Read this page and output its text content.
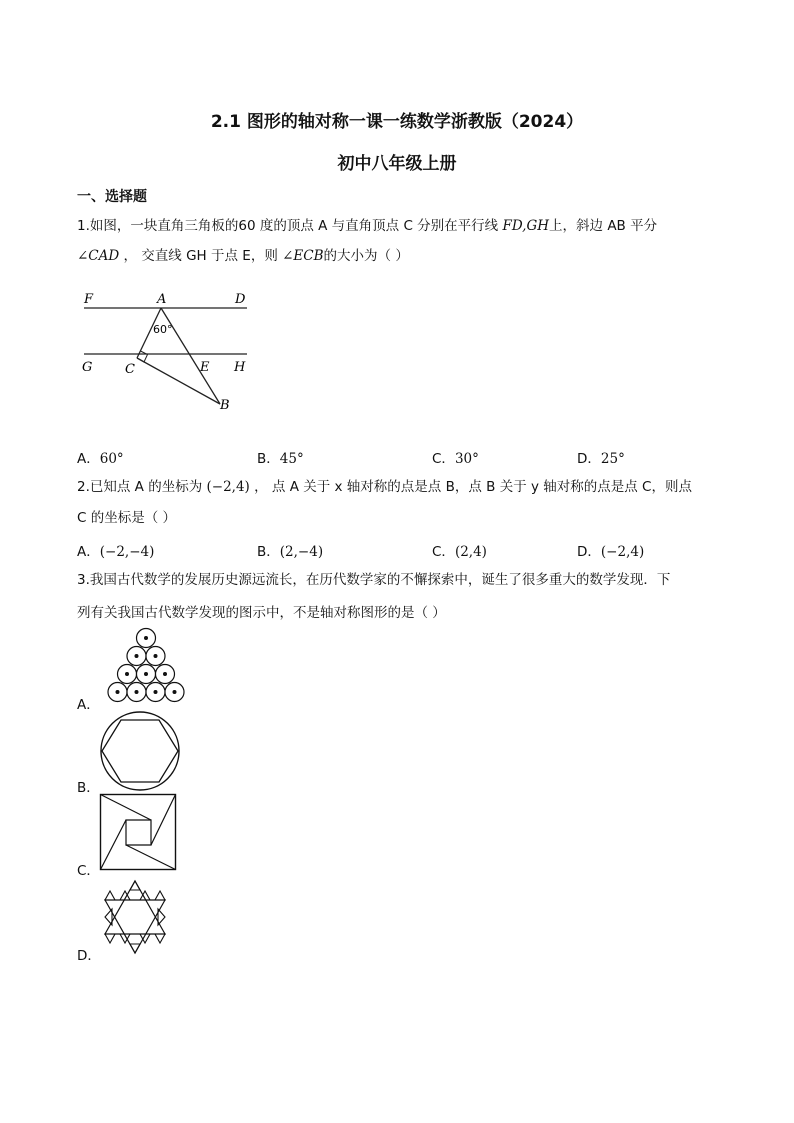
2.1 图形的轴对称一课一练数学浙教版（2024）
初中八年级上册
一、选择题
1.如图，一块直角三角板的60 度的顶点 A 与直角顶点 C 分别在平行线 FD,GH上，斜边 AB 平分
∠CAD ， 交直线 GH 于点 E，则 ∠ECB的大小为（ ）
F	A	D
G	C	E H
B
60°
A．60°	B．45°	C．30°	D．25°
2.已知点 A 的坐标为 (−2,4) ， 点 A 关于 x 轴对称的点是点 B，点 B 关于 y 轴对称的点是点 C，则点
C 的坐标是（ ）
A．(−2,−4)	B．(2,−4)	C．(2,4)	D．(−2,4)
3.我国古代数学的发展历史源远流长，在历代数学家的不懈探索中，诞生了很多重大的数学发现．下
列有关我国古代数学发现的图示中，不是轴对称图形的是（ ）
A．
B．
C．
D．
